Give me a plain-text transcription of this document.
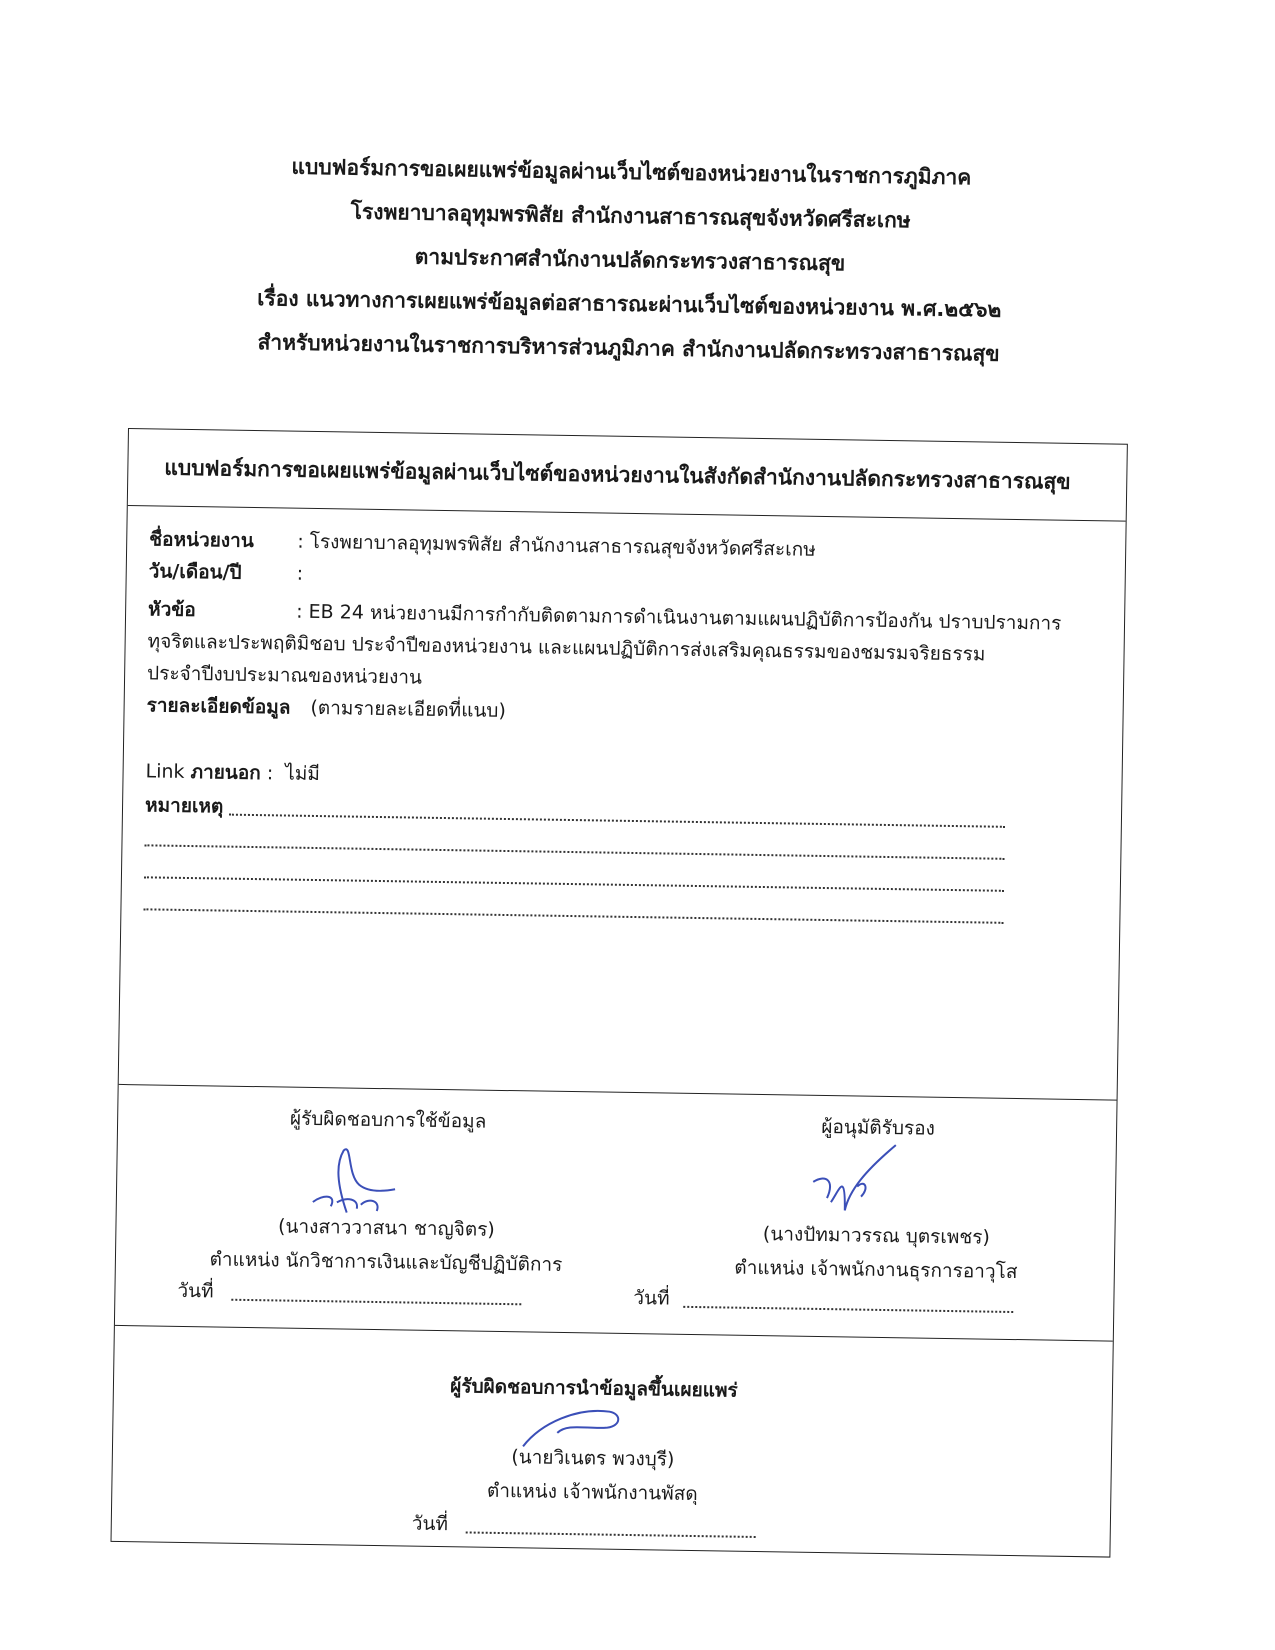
แบบฟอร์มการขอเผยแพร่ข้อมูลผ่านเว็บไซต์ของหน่วยงานในราชการภูมิภาค
โรงพยาบาลอุทุมพรพิสัย สำนักงานสาธารณสุขจังหวัดศรีสะเกษ
ตามประกาศสำนักงานปลัดกระทรวงสาธารณสุข
เรื่อง แนวทางการเผยแพร่ข้อมูลต่อสาธารณะผ่านเว็บไซต์ของหน่วยงาน พ.ศ.๒๕๖๒
สำหรับหน่วยงานในราชการบริหารส่วนภูมิภาค สำนักงานปลัดกระทรวงสาธารณสุข
แบบฟอร์มการขอเผยแพร่ข้อมูลผ่านเว็บไซต์ของหน่วยงานในสังกัดสำนักงานปลัดกระทรวงสาธารณสุข
ชื่อหน่วยงาน : โรงพยาบาลอุทุมพรพิสัย สำนักงานสาธารณสุขจังหวัดศรีสะเกษ
วัน/เดือน/ปี	:
หัวข้อ	: EB 24 หน่วยงานมีการกำกับติดตามการดำเนินงานตามแผนปฏิบัติการป้องกัน ปราบปรามการ
ทุจริตและประพฤติมิชอบ ประจำปีของหน่วยงาน และแผนปฏิบัติการส่งเสริมคุณธรรมของชมรมจริยธรรม
ประจำปีงบประมาณของหน่วยงาน
รายละเอียดข้อมูล (ตามรายละเอียดที่แนบ)
Link ภายนอก : ไม่มี
หมายเหตุ
ผู้รับผิดชอบการใช้ข้อมูล	ผู้อนุมัติรับรอง
(นางสาววาสนา ชาญจิตร)
ตำแหน่ง นักวิชาการเงินและบัญชีปฏิบัติการ
วันที่
(นางปัทมาวรรณ บุตรเพชร)
ตำแหน่ง เจ้าพนักงานธุรการอาวุโส
วันที่
ผู้รับผิดชอบการนำข้อมูลขึ้นเผยแพร่
(นายวิเนตร พวงบุรี)
ตำแหน่ง เจ้าพนักงานพัสดุ
วันที่
